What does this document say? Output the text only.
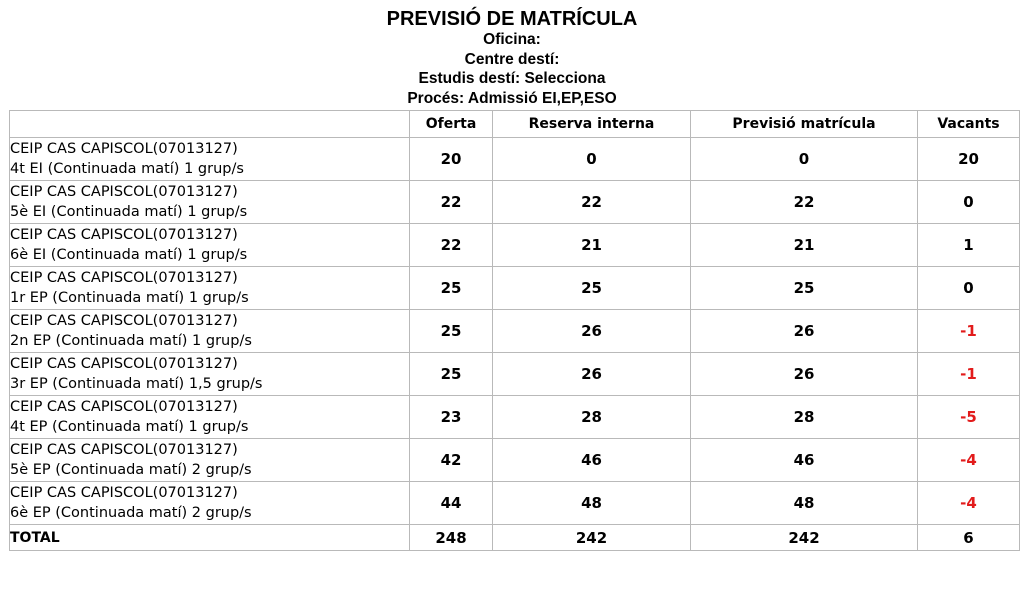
PREVISIÓ DE MATRÍCULA
Oficina:
Centre destí:
Estudis destí: Selecciona
Procés: Admissió EI,EP,ESO
	Oferta	Reserva interna	Previsió matrícula	Vacants

CEIP CAS CAPISCOL(07013127)
4t EI (Continuada matí) 1 grup/s	20	0	0	20

CEIP CAS CAPISCOL(07013127)
5è EI (Continuada matí) 1 grup/s	22	22	22	0

CEIP CAS CAPISCOL(07013127)
6è EI (Continuada matí) 1 grup/s	22	21	21	1

CEIP CAS CAPISCOL(07013127)
1r EP (Continuada matí) 1 grup/s	25	25	25	0

CEIP CAS CAPISCOL(07013127)
2n EP (Continuada matí) 1 grup/s	25	26	26	-1

CEIP CAS CAPISCOL(07013127)
3r EP (Continuada matí) 1,5 grup/s	25	26	26	-1

CEIP CAS CAPISCOL(07013127)
4t EP (Continuada matí) 1 grup/s	23	28	28	-5

CEIP CAS CAPISCOL(07013127)
5è EP (Continuada matí) 2 grup/s	42	46	46	-4

CEIP CAS CAPISCOL(07013127)
6è EP (Continuada matí) 2 grup/s	44	48	48	-4
TOTAL	248	242	242	6
